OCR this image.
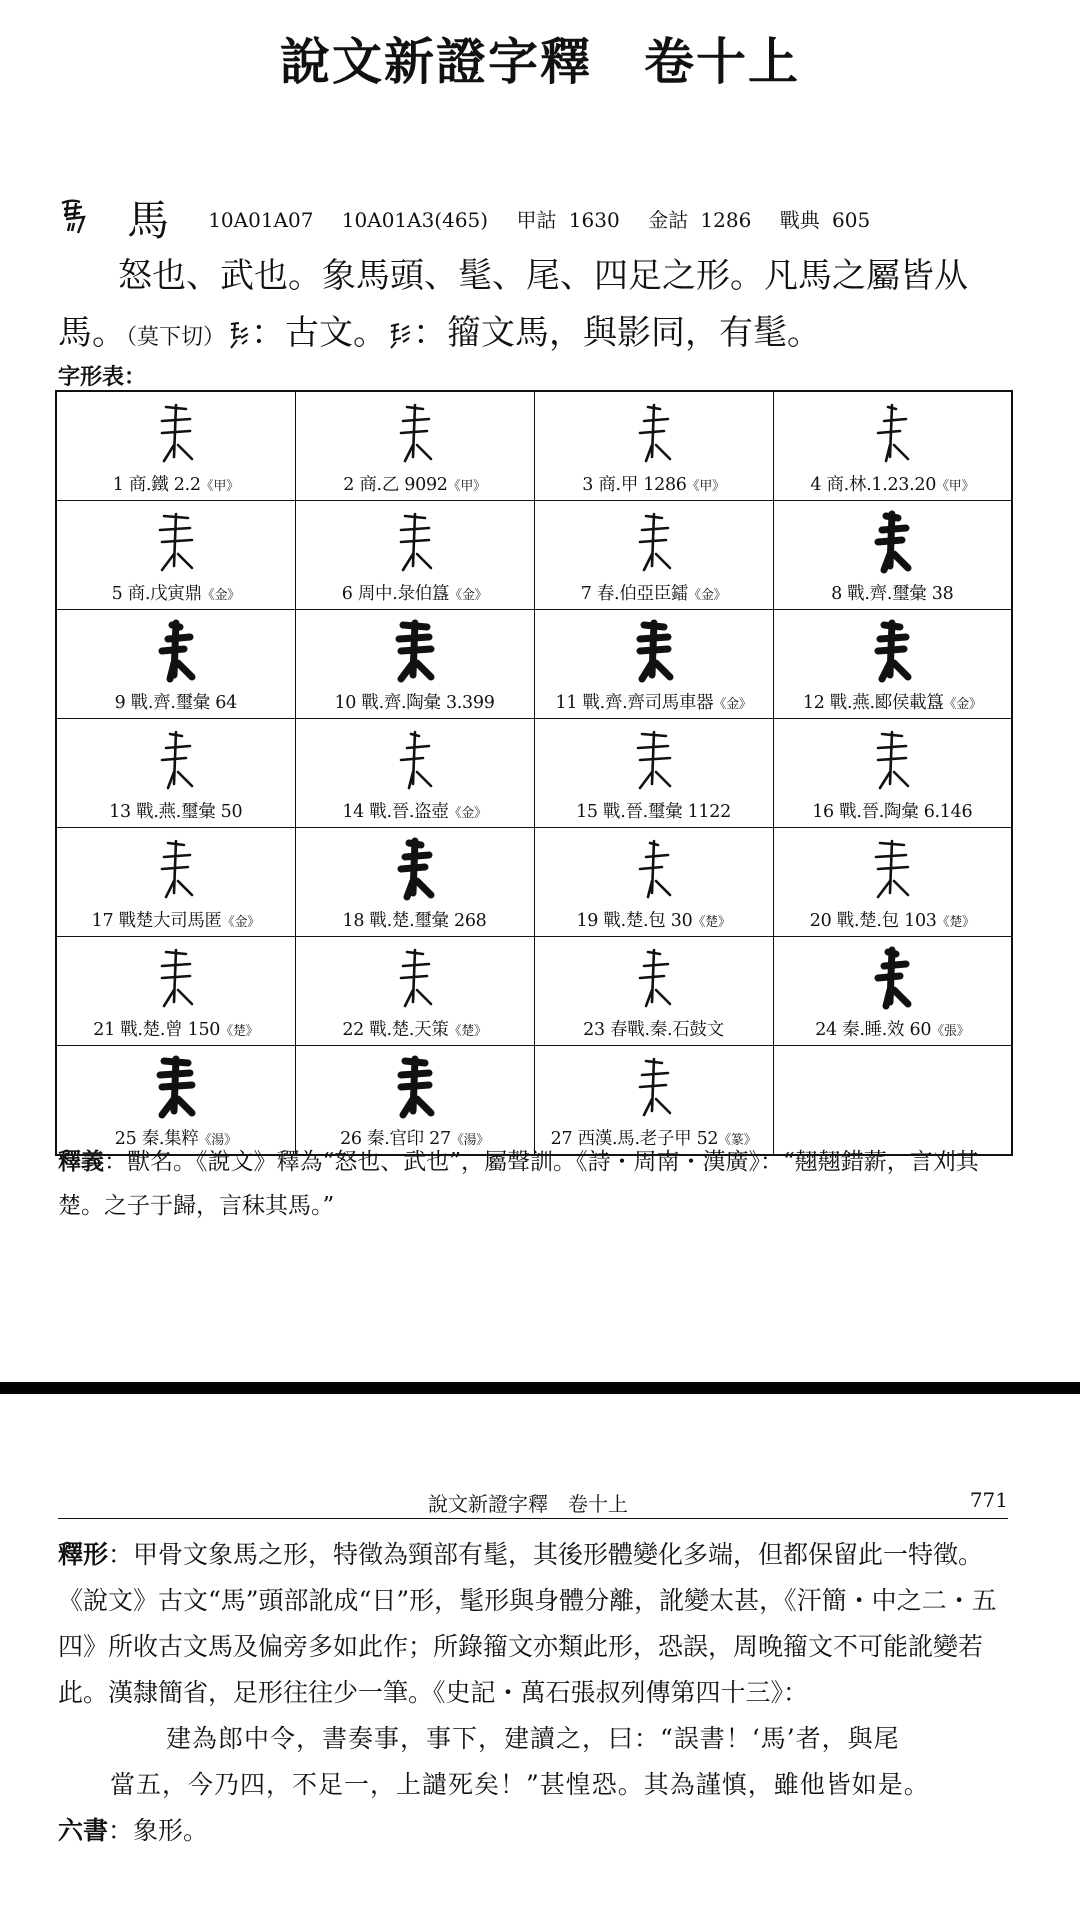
說文新證字釋　卷十上
馬 10A01A07 10A01A3(465) 甲詁 1630 金詁 1286 戰典 605
怒也、武也。象馬頭、髦、尾、四足之形。凡馬之屬皆从馬。（莫下切） ：古文。 ：籀文馬，與影同，有髦。
字形表：
1 商.鐵 2.2《甲》	2 商.乙 9092《甲》	3 商.甲 1286《甲》	4 商.林.1.23.20《甲》

5 商.戊寅鼎《金》	6 周中.彔伯簋《金》	7 春.伯亞臣鐳《金》	8 戰.齊.璽彙 38

9 戰.齊.璽彙 64	10 戰.齊.陶彙 3.399	11 戰.齊.齊司馬車器《金》	12 戰.燕.郾侯載簋《金》

13 戰.燕.璽彙 50	14 戰.晉.盗壺《金》	15 戰.晉.璽彙 1122	16 戰.晉.陶彙 6.146

17 戰楚大司馬匿《金》	18 戰.楚.璽彙 268	19 戰.楚.包 30《楚》	20 戰.楚.包 103《楚》

21 戰.楚.曾 150《楚》	22 戰.楚.天策《楚》	23 春戰.秦.石鼓文	24 秦.睡.效 60《張》

25 秦.集粹《湯》	26 秦.官印 27《湯》	27 西漢.馬.老子甲 52《篆》	
釋義：獸名。《說文》釋為“怒也、武也”，屬聲訓。《詩・周南・漢廣》：“翹翹錯薪，言刈其楚。之子于歸，言秣其馬。”
說文新證字釋　卷十上	771
釋形：甲骨文象馬之形，特徵為頸部有髦，其後形體變化多端，但都保留此一特徵。《說文》古文“馬”頭部訛成“日”形，髦形與身體分離，訛變太甚，《汗簡・中之二・五四》所收古文馬及偏旁多如此作；所錄籀文亦類此形，恐誤，周晚籀文不可能訛變若此。漢隸簡省，足形往往少一筆。《史記・萬石張叔列傳第四十三》：
建為郎中令，書奏事，事下，建讀之，曰：“誤書！‘馬’者，與尾
當五，今乃四，不足一，上譴死矣！”甚惶恐。其為謹慎，雖他皆如是。
六書：象形。
